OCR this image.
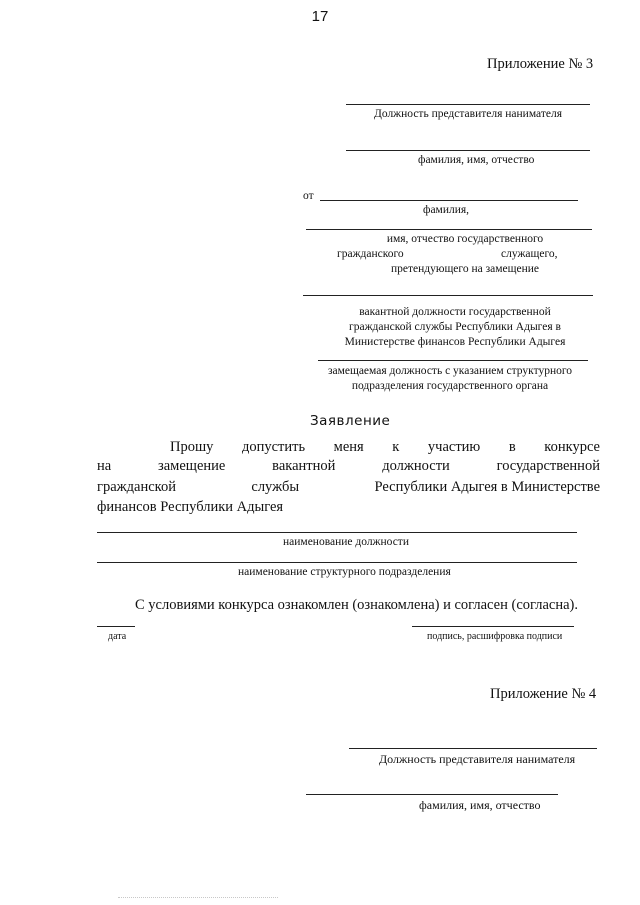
17
Приложение № 3
Должность представителя нанимателя
фамилия, имя, отчество
от
фамилия,
имя, отчество государственного
гражданского	служащего,
претендующего на замещение
вакантной должности государственной
гражданской службы Республики Адыгея в
Министерстве финансов Республики Адыгея
замещаемая должность с указанием структурного
подразделения государственного органа
Заявление
Прошу допустить меня к участию в конкурсе
на	замещение	вакантной	должности	государственной
гражданской	службы	Республики Адыгея в Министерстве
финансов Республики Адыгея
наименование должности
наименование структурного подразделения
С условиями конкурса ознакомлен (ознакомлена) и согласен (согласна).
дата	подпись, расшифровка подписи
Приложение № 4
Должность представителя нанимателя
фамилия, имя, отчество
